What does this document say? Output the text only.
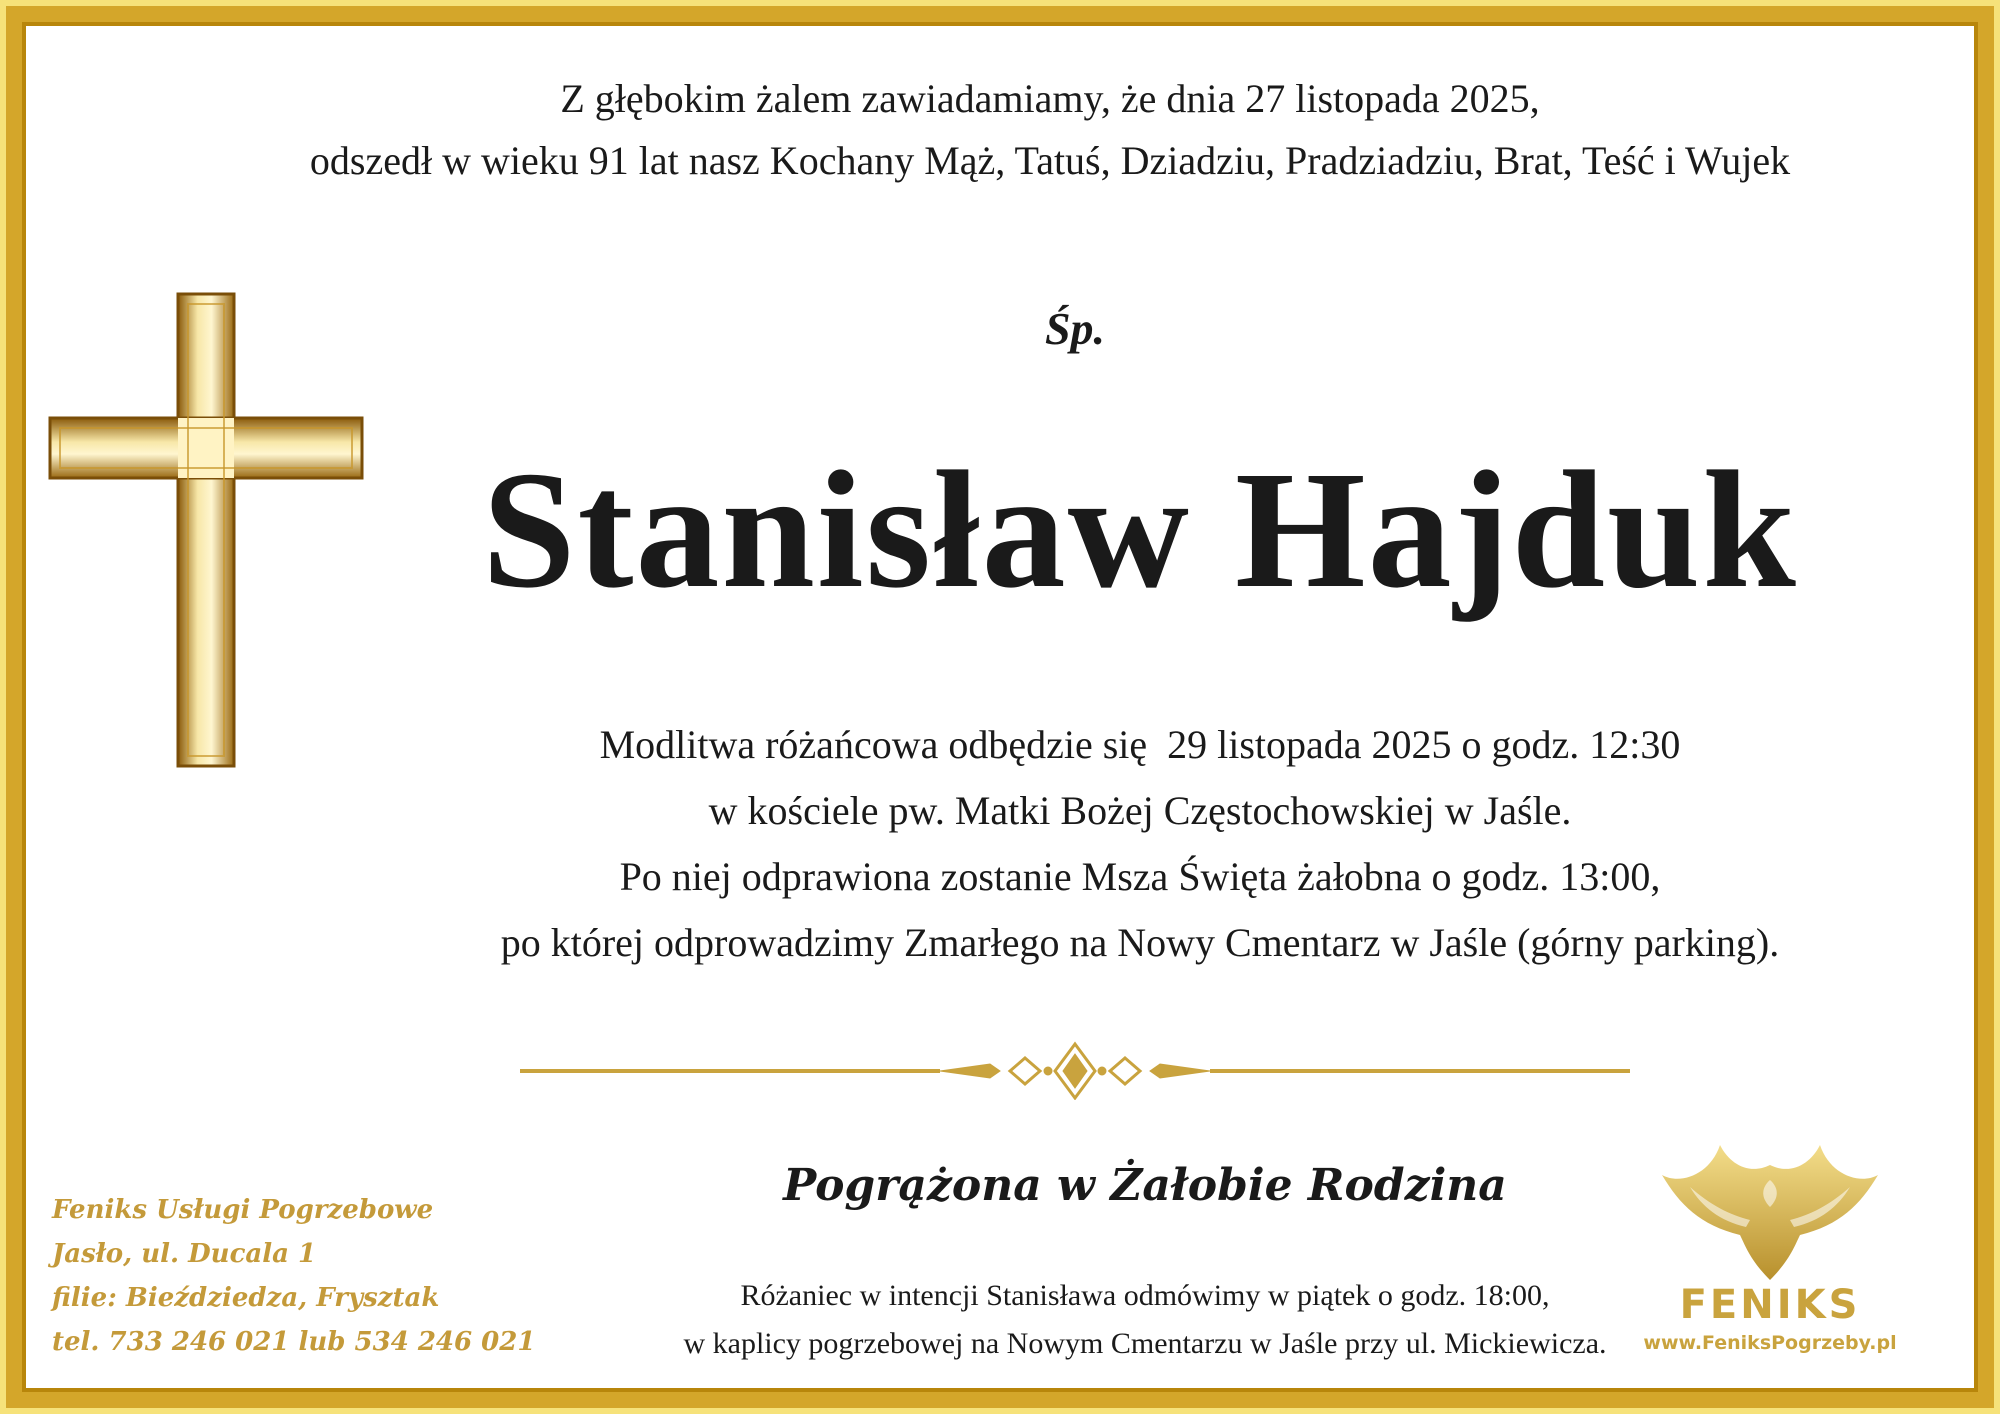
Z głębokim żalem zawiadamiamy, że dnia 27 listopada 2025,
odszedł w wieku 91 lat nasz Kochany Mąż, Tatuś, Dziadziu, Pradziadziu, Brat, Teść i Wujek
Śp.
Stanisław Hajduk
Modlitwa różańcowa odbędzie się  29 listopada 2025 o godz. 12:30
w kościele pw. Matki Bożej Częstochowskiej w Jaśle.
Po niej odprawiona zostanie Msza Święta żałobna o godz. 13:00,
po której odprowadzimy Zmarłego na Nowy Cmentarz w Jaśle (górny parking).
Pogrążona w Żałobie Rodzina
Różaniec w intencji Stanisława odmówimy w piątek o godz. 18:00,
w kaplicy pogrzebowej na Nowym Cmentarzu w Jaśle przy ul. Mickiewicza.
Feniks Usługi Pogrzebowe
Jasło, ul. Ducala 1
filie: Bieździedza, Frysztak
tel. 733 246 021 lub 534 246 021
FENIKS
www.FeniksPogrzeby.pl
